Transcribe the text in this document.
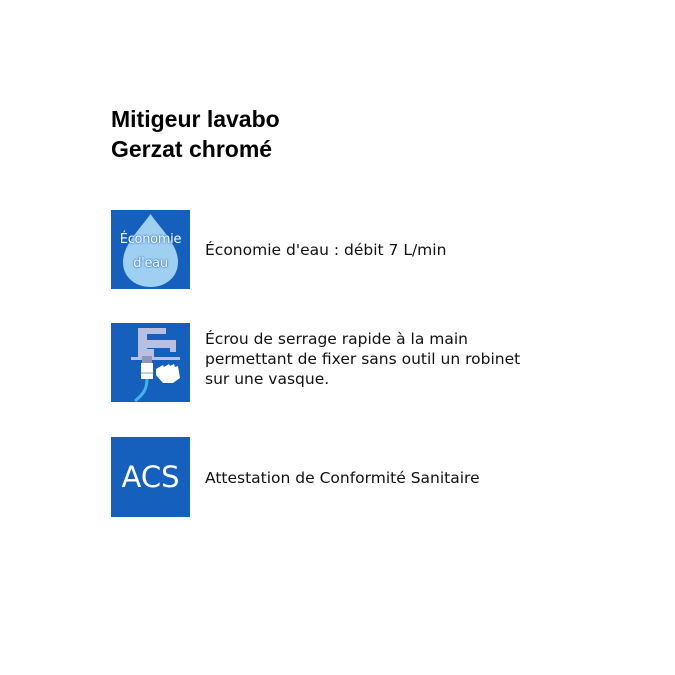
Mitigeur lavabo
Gerzat chromé
Économie
d'eau
Économie d'eau : débit 7 L/min
Écrou de serrage rapide à la main
permettant de fixer sans outil un robinet
sur une vasque.
ACS	Attestation de Conformité Sanitaire
